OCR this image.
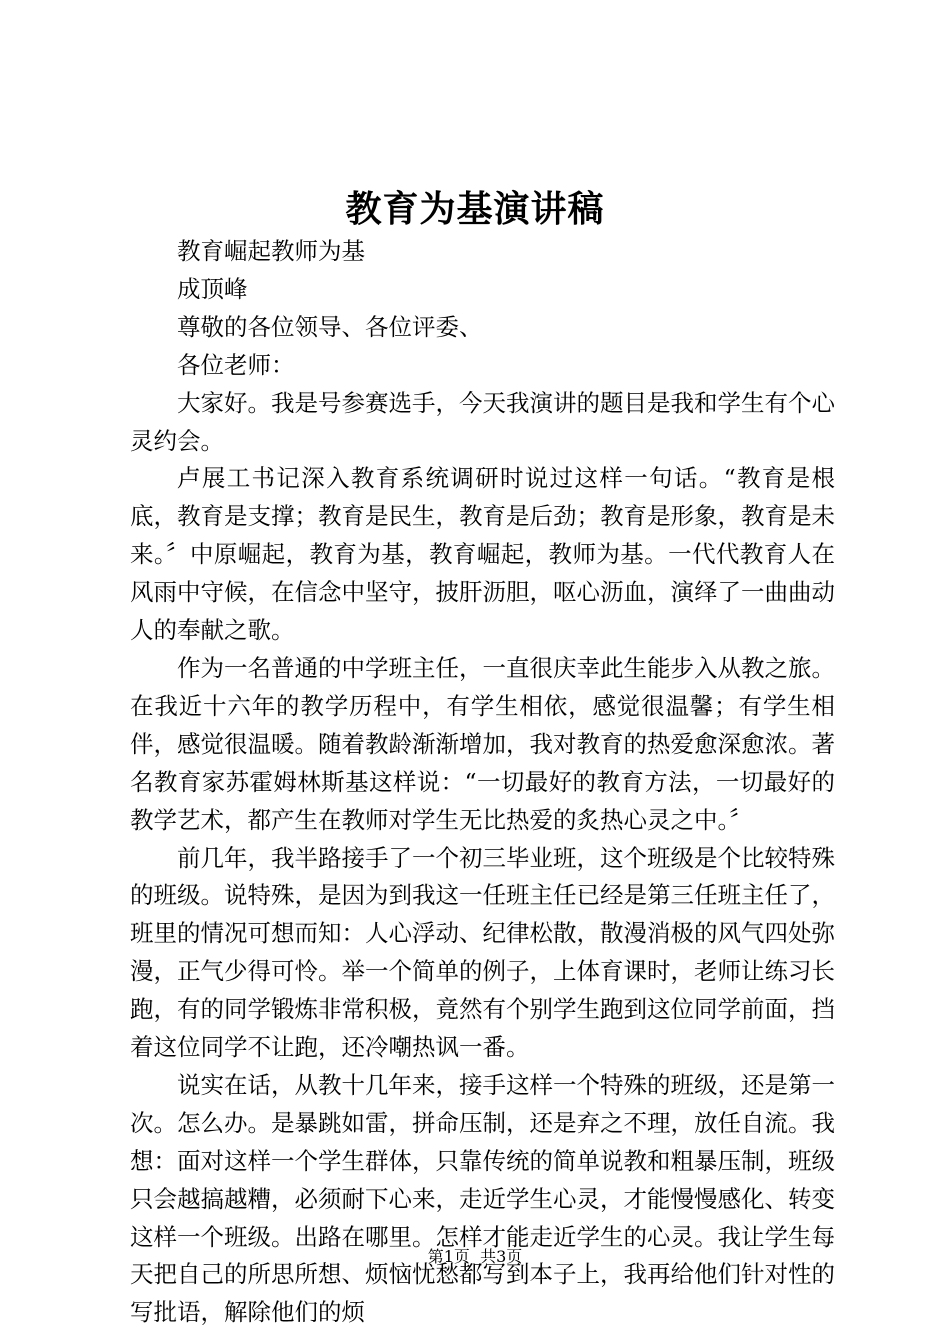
教育为基演讲稿

教育崛起教师为基

成顶峰

尊敬的各位领导、各位评委、

各位老师：

大家好。我是号参赛选手，今天我演讲的题目是我和学生有个心灵约会。

卢展工书记深入教育系统调研时说过这样一句话。“教育是根底，教育是支撑；教育是民生，教育是后劲；教育是形象，教育是未来。〞中原崛起，教育为基，教育崛起，教师为基。一代代教育人在风雨中守候，在信念中坚守，披肝沥胆，呕心沥血，演绎了一曲曲动人的奉献之歌。

作为一名普通的中学班主任，一直很庆幸此生能步入从教之旅。在我近十六年的教学历程中，有学生相依，感觉很温馨；有学生相伴，感觉很温暖。随着教龄渐渐增加，我对教育的热爱愈深愈浓。著名教育家苏霍姆林斯基这样说：“一切最好的教育方法，一切最好的教学艺术，都产生在教师对学生无比热爱的炙热心灵之中。〞

前几年，我半路接手了一个初三毕业班，这个班级是个比较特殊的班级。说特殊，是因为到我这一任班主任已经是第三任班主任了，班里的情况可想而知：人心浮动、纪律松散，散漫消极的风气四处弥漫，正气少得可怜。举一个简单的例子，上体育课时，老师让练习长跑，有的同学锻炼非常积极，竟然有个别学生跑到这位同学前面，挡着这位同学不让跑，还冷嘲热讽一番。

说实在话，从教十几年来，接手这样一个特殊的班级，还是第一次。怎么办。是暴跳如雷，拼命压制，还是弃之不理，放任自流。我想：面对这样一个学生群体，只靠传统的简单说教和粗暴压制，班级只会越搞越糟，必须耐下心来，走近学生心灵，才能慢慢感化、转变这样一个班级。出路在哪里。怎样才能走近学生的心灵。我让学生每天把自己的所思所想、烦恼忧愁都写到本子上，我再给他们针对性的写批语，解除他们的烦

第1页  共3页
